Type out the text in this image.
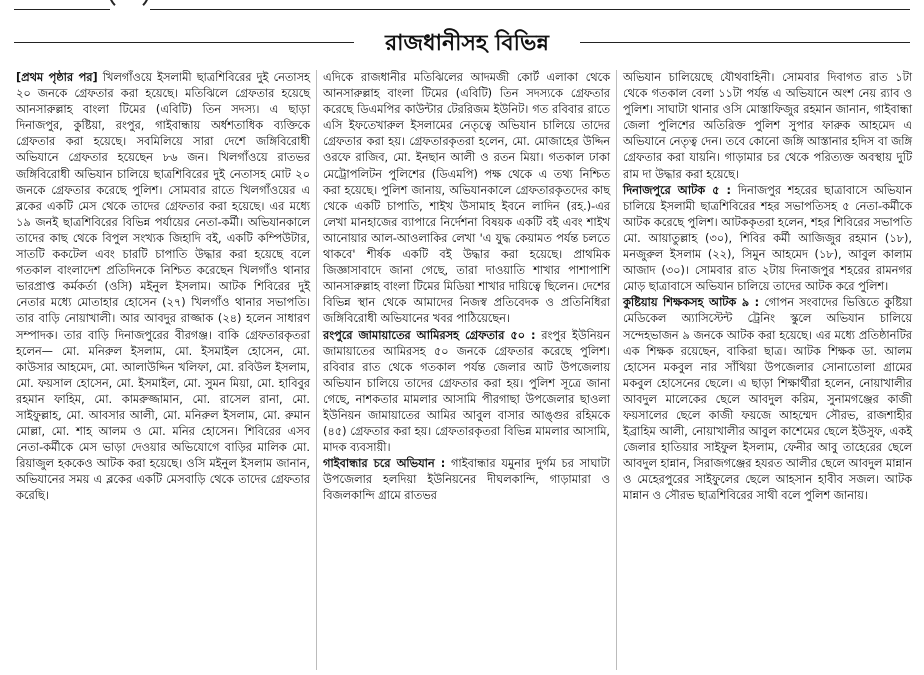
রাজধানীসহ বিভিন্ন

[প্রথম পৃষ্ঠার পর] খিলগাঁওয়ে ইসলামী ছাত্রশিবিরের দুই নেতাসহ ২০ জনকে গ্রেফতার করা হয়েছে। মতিঝিলে গ্রেফতার হয়েছে আনসারুল্লাহ বাংলা টিমের (এবিটি) তিন সদস্য। এ ছাড়া দিনাজপুর, কুষ্টিয়া, রংপুর, গাইবান্ধায় অর্ধশতাধিক ব্যক্তিকে গ্রেফতার করা হয়েছে। সবমিলিয়ে সারা দেশে জঙ্গিবিরোধী অভিযানে গ্রেফতার হয়েছেন ৮৬ জন। খিলগাঁওয়ে রাতভর জঙ্গিবিরোধী অভিযান চালিয়ে ছাত্রশিবিরের দুই নেতাসহ মোট ২০ জনকে গ্রেফতার করেছে পুলিশ। সোমবার রাতে খিলগাঁওয়ের এ ব্লকের একটি মেস থেকে তাদের গ্রেফতার করা হয়েছে। এর মধ্যে ১৯ জনই ছাত্রশিবিরের বিভিন্ন পর্যায়ের নেতা-কর্মী। অভিযানকালে তাদের কাছ থেকে বিপুল সংখ্যক জিহাদি বই, একটি কম্পিউটার, সাতটি ককটেল এবং চারটি চাপাতি উদ্ধার করা হয়েছে বলে গতকাল বাংলাদেশ প্রতিদিনকে নিশ্চিত করেছেন খিলগাঁও থানার ভারপ্রাপ্ত কর্মকর্তা (ওসি) মইনুল ইসলাম। আটক শিবিরের দুই নেতার মধ্যে মোতাহার হোসেন (২৭) খিলগাঁও থানার সভাপতি। তার বাড়ি নোয়াখালী। আর আবদুর রাজ্জাক (২৪) হলেন সাধারণ সম্পাদক। তার বাড়ি দিনাজপুরের বীরগঞ্জ। বাকি গ্রেফতারকৃতরা হলেন— মো. মনিরুল ইসলাম, মো. ইসমাইল হোসেন, মো. কাউসার আহমেদ, মো. আলাউদ্দিন খলিফা, মো. রবিউল ইসলাম, মো. ফয়সাল হোসেন, মো. ইসমাইল, মো. সুমন মিয়া, মো. হাবিবুর রহমান ফাহিম, মো. কামরুজ্জামান, মো. রাসেল রানা, মো. সাইফুল্লাহ, মো. আবসার আলী, মো. মনিরুল ইসলাম, মো. রুমান মোল্লা, মো. শাহ আলম ও মো. মনির হোসেন। শিবিরের এসব নেতা-কর্মীকে মেস ভাড়া দেওয়ার অভিযোগে বাড়ির মালিক মো. রিয়াজুল হককেও আটক করা হয়েছে। ওসি মইনুল ইসলাম জানান, অভিযানের সময় এ ব্লকের একটি মেসবাড়ি থেকে তাদের গ্রেফতার করেছি।

এদিকে রাজধানীর মতিঝিলের আদমজী কোর্ট এলাকা থেকে আনসারুল্লাহ বাংলা টিমের (এবিটি) তিন সদস্যকে গ্রেফতার করেছে ডিএমপির কাউন্টার টেররিজম ইউনিট। গত রবিবার রাতে এসি ইফতেখারুল ইসলামের নেতৃত্বে অভিযান চালিয়ে তাদের গ্রেফতার করা হয়। গ্রেফতারকৃতরা হলেন, মো. মোজাহের উদ্দিন ওরফে রাজিব, মো. ইনছান আলী ও রতন মিয়া। গতকাল ঢাকা মেট্রোপলিটন পুলিশের (ডিএমপি) পক্ষ থেকে এ তথ্য নিশ্চিত করা হয়েছে। পুলিশ জানায়, অভিযানকালে গ্রেফতারকৃতদের কাছ থেকে একটি চাপাতি, শাইখ উসামাহ ইবনে লাদিন (রহ.)-এর লেখা মানহাজের ব্যাপারে নির্দেশনা বিষয়ক একটি বই এবং শাইখ আনোয়ার আল-আওলাকির লেখা 'এ যুদ্ধ কেয়ামত পর্যন্ত চলতে থাকবে' শীর্ষক একটি বই উদ্ধার করা হয়েছে। প্রাথমিক জিজ্ঞাসাবাদে জানা গেছে, তারা দাওয়াতি শাখার পাশাপাশি আনসারুল্লাহ বাংলা টিমের মিডিয়া শাখার দায়িত্বে ছিলেন। দেশের বিভিন্ন স্থান থেকে আমাদের নিজস্ব প্রতিবেদক ও প্রতিনিধিরা জঙ্গিবিরোধী অভিযানের খবর পাঠিয়েছেন।

রংপুরে জামায়াতের আমিরসহ গ্রেফতার ৫০ : রংপুর ইউনিয়ন জামায়াতের আমিরসহ ৫০ জনকে গ্রেফতার করেছে পুলিশ। রবিবার রাত থেকে গতকাল পর্যন্ত জেলার আট উপজেলায় অভিযান চালিয়ে তাদের গ্রেফতার করা হয়। পুলিশ সূত্রে জানা গেছে, নাশকতার মামলার আসামি পীরগাছা উপজেলার ছাওলা ইউনিয়ন জামায়াতের আমির আবুল বাসার আঙ্গুর রহিমকে (৪৫) গ্রেফতার করা হয়। গ্রেফতারকৃতরা বিভিন্ন মামলার আসামি, মাদক ব্যবসায়ী।

গাইবান্ধার চরে অভিযান : গাইবান্ধার যমুনার দুর্গম চর সাঘাটা উপজেলার হলদিয়া ইউনিয়নের দীঘলকান্দি, গাড়ামারা ও বিজলকান্দি গ্রামে রাতভর

অভিযান চালিয়েছে যৌথবাহিনী। সোমবার দিবাগত রাত ১টা থেকে গতকাল বেলা ১১টা পর্যন্ত এ অভিযানে অংশ নেয় র‌্যাব ও পুলিশ। সাঘাটা থানার ওসি মোস্তাফিজুর রহমান জানান, গাইবান্ধা জেলা পুলিশের অতিরিক্ত পুলিশ সুপার ফারুক আহমেদ এ অভিযানে নেতৃত্ব দেন। তবে কোনো জঙ্গি আস্তানার হদিস বা জঙ্গি গ্রেফতার করা যায়নি। গাড়ামার চর থেকে পরিত্যক্ত অবস্থায় দুটি রাম দা উদ্ধার করা হয়েছে।

দিনাজপুরে আটক ৫ : দিনাজপুর শহরের ছাত্রাবাসে অভিযান চালিয়ে ইসলামী ছাত্রশিবিরের শহর সভাপতিসহ ৫ নেতা-কর্মীকে আটক করেছে পুলিশ। আটককৃতরা হলেন, শহর শিবিরের সভাপতি মো. আয়াতুল্লাহ (৩০), শিবির কর্মী আজিজুর রহমান (১৮), মনজুরুল ইসলাম (২২), সিমুন আহমেদ (১৮), আবুল কালাম আজাদ (৩০)। সোমবার রাত ২টায় দিনাজপুর শহরের রামনগর মোড় ছাত্রাবাসে অভিযান চালিয়ে তাদের আটক করে পুলিশ।

কুষ্টিয়ায় শিক্ষকসহ আটক ৯ : গোপন সংবাদের ভিত্তিতে কুষ্টিয়া মেডিকেল অ্যাসিস্টেন্ট ট্রেনিং স্কুলে অভিযান চালিয়ে সন্দেহভাজন ৯ জনকে আটক করা হয়েছে। এর মধ্যে প্রতিষ্ঠানটির এক শিক্ষক রয়েছেন, বাকিরা ছাত্র। আটক শিক্ষক ডা. আলম হোসেন মকবুল নার সাঁথিয়া উপজেলার সোনাতোলা গ্রামের মকবুল হোসেনের ছেলে। এ ছাড়া শিক্ষার্থীরা হলেন, নোয়াখালীর আবদুল মালেকের ছেলে আবদুল করিম, সুনামগঞ্জের কাজী ফয়সালের ছেলে কাজী ফয়জে আহম্মেদ সৌরভ, রাজশাহীর ইব্রাহিম আলী, নোয়াখালীর আবুল কাশেমের ছেলে ইউসুফ, একই জেলার হাতিয়ার সাইফুল ইসলাম, ফেনীর আবু তাহেরের ছেলে আবদুল হান্নান, সিরাজগঞ্জের হযরত আলীর ছেলে আবদুল মান্নান ও মেহেরপুরের সাইফুলের ছেলে আহসান হাবীব সজল। আটক মান্নান ও সৌরভ ছাত্রশিবিরের সাথী বলে পুলিশ জানায়।
